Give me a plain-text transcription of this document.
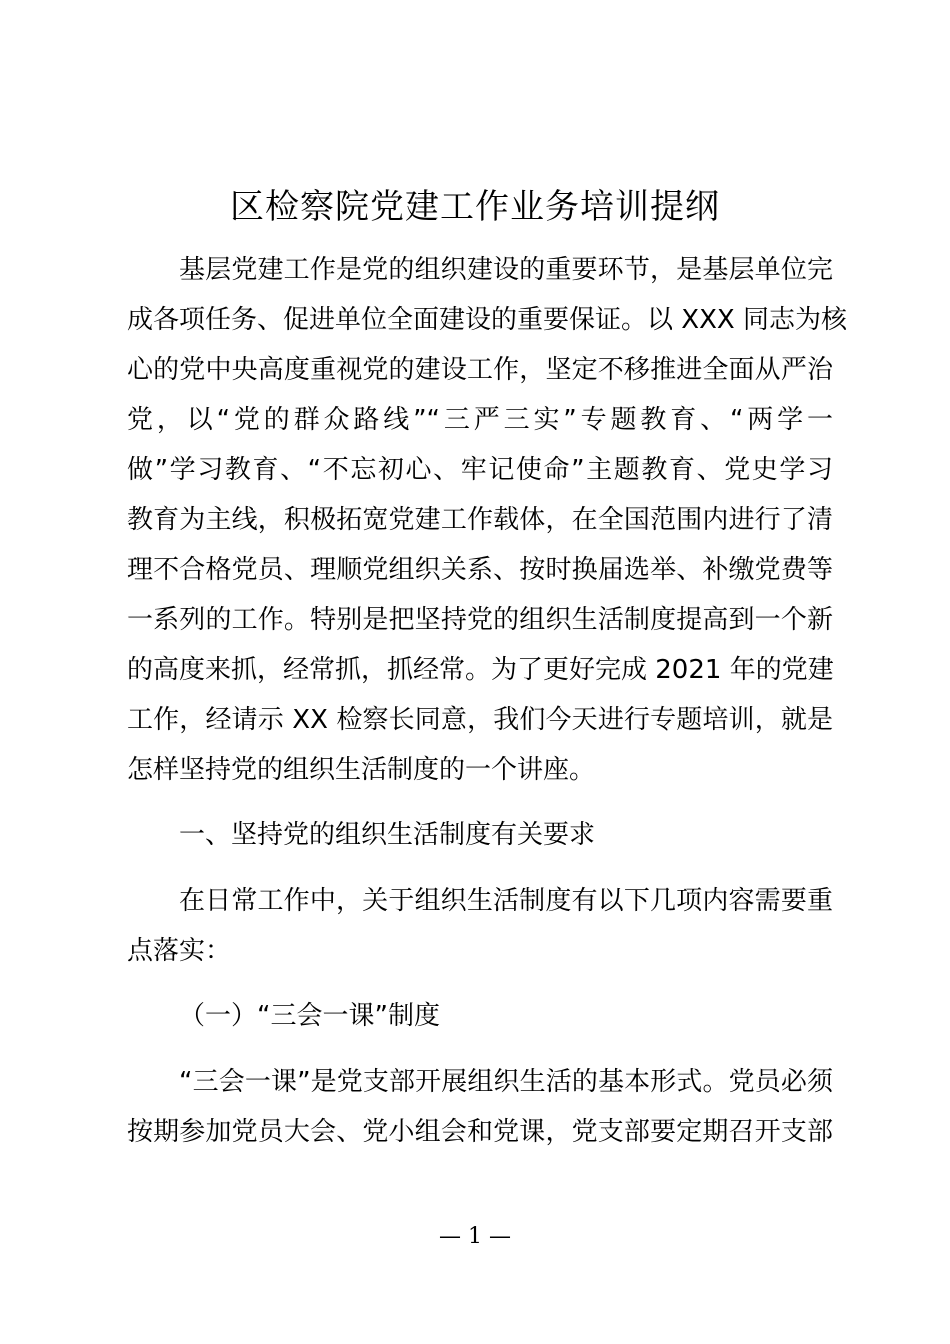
区检察院党建工作业务培训提纲
基层党建工作是党的组织建设的重要环节，是基层单位完
成各项任务、促进单位全面建设的重要保证。以 XXX 同志为核
心的党中央高度重视党的建设工作，坚定不移推进全面从严治
党，以“党的群众路线”“三严三实”专题教育、“两学一
做”学习教育、“不忘初心、牢记使命”主题教育、党史学习
教育为主线，积极拓宽党建工作载体，在全国范围内进行了清
理不合格党员、理顺党组织关系、按时换届选举、补缴党费等
一系列的工作。特别是把坚持党的组织生活制度提高到一个新
的高度来抓，经常抓，抓经常。为了更好完成 2021 年的党建
工作，经请示 XX 检察长同意，我们今天进行专题培训，就是
怎样坚持党的组织生活制度的一个讲座。
一、坚持党的组织生活制度有关要求
在日常工作中，关于组织生活制度有以下几项内容需要重
点落实：
（一）“三会一课”制度
“三会一课”是党支部开展组织生活的基本形式。党员必须
按期参加党员大会、党小组会和党课，党支部要定期召开支部
— 1 —
